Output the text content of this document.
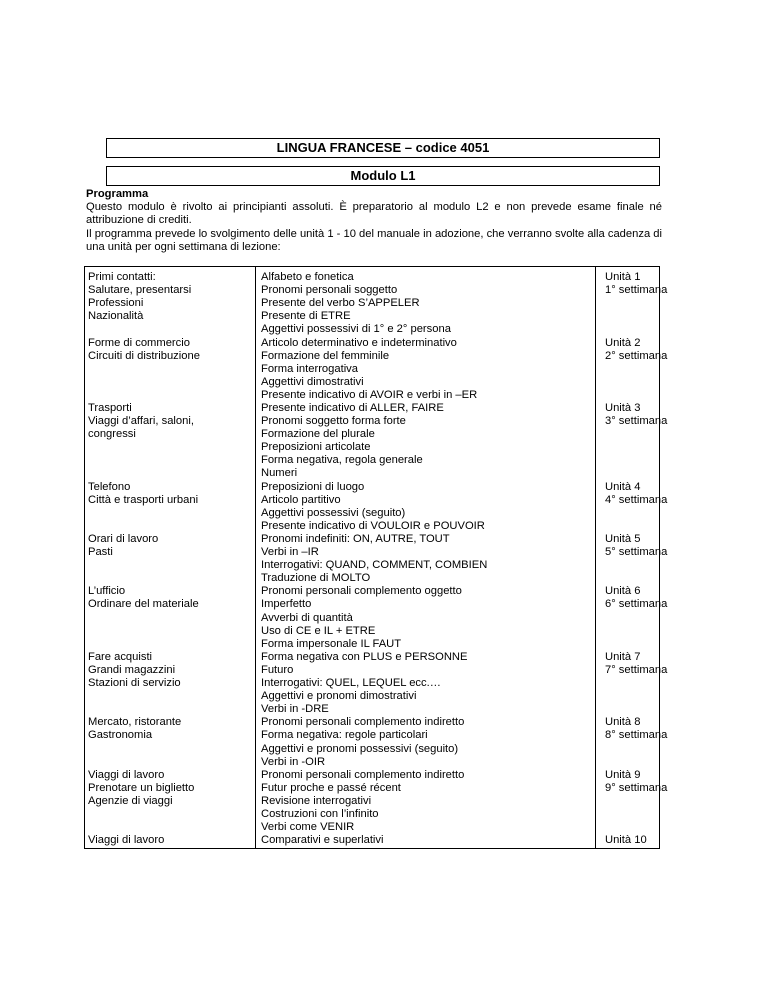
LINGUA FRANCESE – codice 4051
Modulo L1
Programma
Questo modulo è rivolto ai principianti assoluti. È preparatorio al modulo L2 e non prevede esame finale né attribuzione di crediti.
Il programma prevede lo svolgimento delle unità 1 - 10 del manuale in adozione, che verranno svolte alla cadenza di una unità per ogni settimana di lezione:
Primi contatti:
Salutare, presentarsi
Professioni
Nazionalità
Forme di commercio
Circuiti di distribuzione
Trasporti
Viaggi d’affari, saloni,
congressi
Telefono
Città e trasporti urbani
Orari di lavoro
Pasti
L’ufficio
Ordinare del materiale
Fare acquisti
Grandi magazzini
Stazioni di servizio
Mercato, ristorante
Gastronomia
Viaggi di lavoro
Prenotare un biglietto
Agenzie di viaggi
Viaggi di lavoro
Alfabeto e fonetica
Pronomi personali soggetto
Presente del verbo S’APPELER
Presente di ETRE
Aggettivi possessivi di 1° e 2° persona
Articolo determinativo e indeterminativo
Formazione del femminile
Forma interrogativa
Aggettivi dimostrativi
Presente indicativo di AVOIR e verbi in –ER
Presente indicativo di ALLER, FAIRE
Pronomi soggetto forma forte
Formazione del plurale
Preposizioni articolate
Forma negativa, regola generale
Numeri
Preposizioni di luogo
Articolo partitivo
Aggettivi possessivi (seguito)
Presente indicativo di VOULOIR e POUVOIR
Pronomi indefiniti: ON, AUTRE, TOUT
Verbi in –IR
Interrogativi: QUAND, COMMENT, COMBIEN
Traduzione di MOLTO
Pronomi personali complemento oggetto
Imperfetto
Avverbi di quantità
Uso di CE e IL + ETRE
Forma impersonale IL FAUT
Forma negativa con PLUS e PERSONNE
Futuro
Interrogativi: QUEL, LEQUEL ecc.…
Aggettivi e pronomi dimostrativi
Verbi in -DRE
Pronomi personali complemento indiretto
Forma negativa: regole particolari
Aggettivi e pronomi possessivi (seguito)
Verbi in -OIR
Pronomi personali complemento indiretto
Futur proche e passé récent
Revisione interrogativi
Costruzioni con l’infinito
Verbi come VENIR
Comparativi e superlativi
Unità 1
1° settimana
Unità 2
2° settimana
Unità 3
3° settimana
Unità 4
4° settimana
Unità 5
5° settimana
Unità 6
6° settimana
Unità 7
7° settimana
Unità 8
8° settimana
Unità 9
9° settimana
Unità 10
